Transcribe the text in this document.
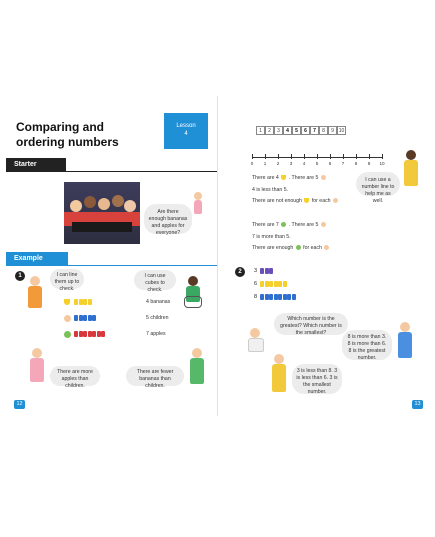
Comparing and ordering numbers
Lesson
4
Starter
Are there enough bananas and apples for everyone?
Example
1	I can line them up to check.
I can use cubes to check.
4 bananas
5 children
7 apples
There are more apples than children.
There are fewer bananas than children.
12
1	2	3	4	5	6	7	8	9 10
0	1	2	3	4	5	6	7	8	9	10
I can use a number line to help me as well.
There are 4 . There are 5
4 is less than 5.
There are not enough for each
There are 7 . There are 5
7 is more than 5.
There are enough for each
2	3
6
8
Which number is the greatest? Which number is the smallest?
8 is more than 3. 8 is more than 6. 8 is the greatest number.
3 is less than 8. 3 is less than 6. 3 is the smallest number.
13
